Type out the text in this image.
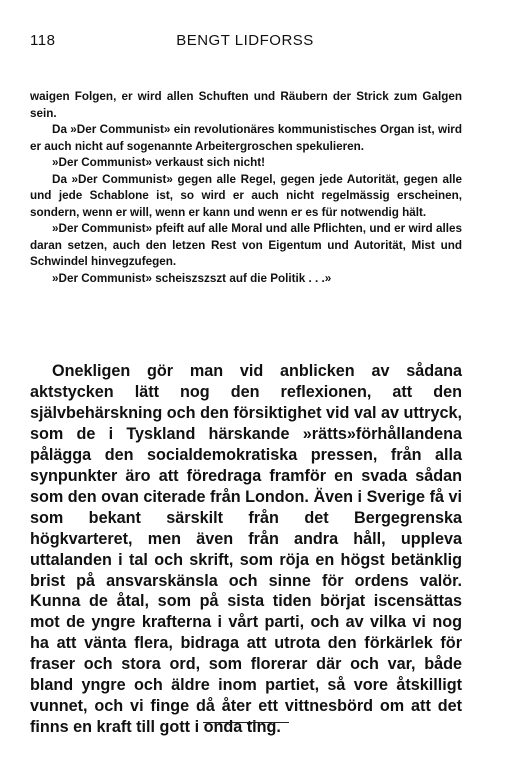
118	BENGT LIDFORSS

waigen Folgen, er wird allen Schuften und Räubern der Strick zum Galgen sein.

Da »Der Communist» ein revolutionäres kommunistisches Organ ist, wird er auch nicht auf sogenannte Arbeitergroschen spekulieren.

»Der Communist» verkaust sich nicht!

Da »Der Communist» gegen alle Regel, gegen jede Autorität, gegen alle und jede Schablone ist, so wird er auch nicht regelmässig erscheinen, sondern, wenn er will, wenn er kann und wenn er es für notwendig hält.

»Der Communist» pfeift auf alle Moral und alle Pflichten, und er wird alles daran setzen, auch den letzen Rest von Eigentum und Autorität, Mist und Schwindel hinvegzufegen.

»Der Communist» scheiszszszt auf die Politik . . .»

Onekligen gör man vid anblicken av sådana aktstycken lätt nog den reflexionen, att den självbehärskning och den försiktighet vid val av uttryck, som de i Tyskland härskande »rätts»förhållandena pålägga den socialdemokratiska pressen, från alla synpunkter äro att föredraga framför en svada sådan som den ovan citerade från London. Även i Sverige få vi som bekant särskilt från det Bergegrenska högkvarteret, men även från andra håll, uppleva uttalanden i tal och skrift, som röja en högst betänklig brist på ansvarskänsla och sinne för ordens valör. Kunna de åtal, som på sista tiden börjat iscensättas mot de yngre krafterna i vårt parti, och av vilka vi nog ha att vänta flera, bidraga att utrota den förkärlek för fraser och stora ord, som florerar där och var, både bland yngre och äldre inom partiet, så vore åtskilligt vunnet, och vi finge då åter ett vittnesbörd om att det finns en kraft till gott i onda ting.
